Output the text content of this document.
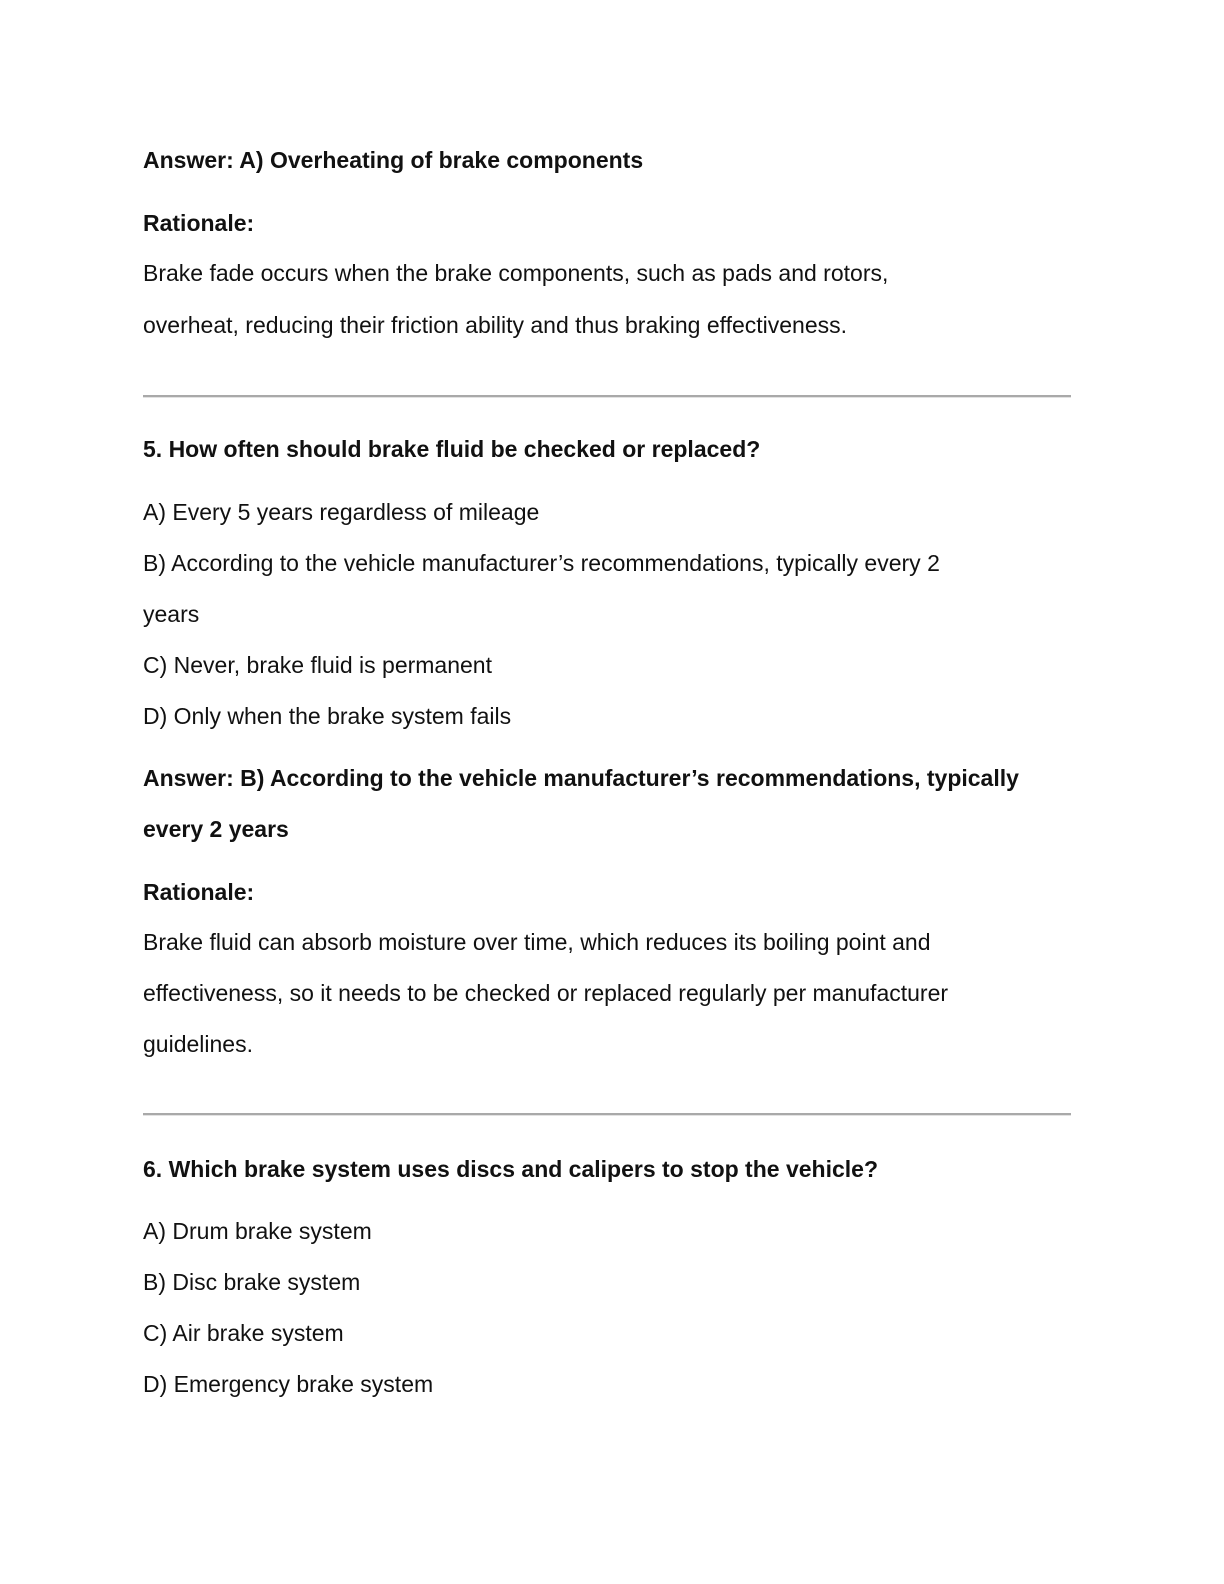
Answer: A) Overheating of brake components
Rationale:
Brake fade occurs when the brake components, such as pads and rotors,
overheat, reducing their friction ability and thus braking effectiveness.
5. How often should brake fluid be checked or replaced?
A) Every 5 years regardless of mileage
B) According to the vehicle manufacturer’s recommendations, typically every 2
years
C) Never, brake fluid is permanent
D) Only when the brake system fails
Answer: B) According to the vehicle manufacturer’s recommendations, typically
every 2 years
Rationale:
Brake fluid can absorb moisture over time, which reduces its boiling point and
effectiveness, so it needs to be checked or replaced regularly per manufacturer
guidelines.
6. Which brake system uses discs and calipers to stop the vehicle?
A) Drum brake system
B) Disc brake system
C) Air brake system
D) Emergency brake system
